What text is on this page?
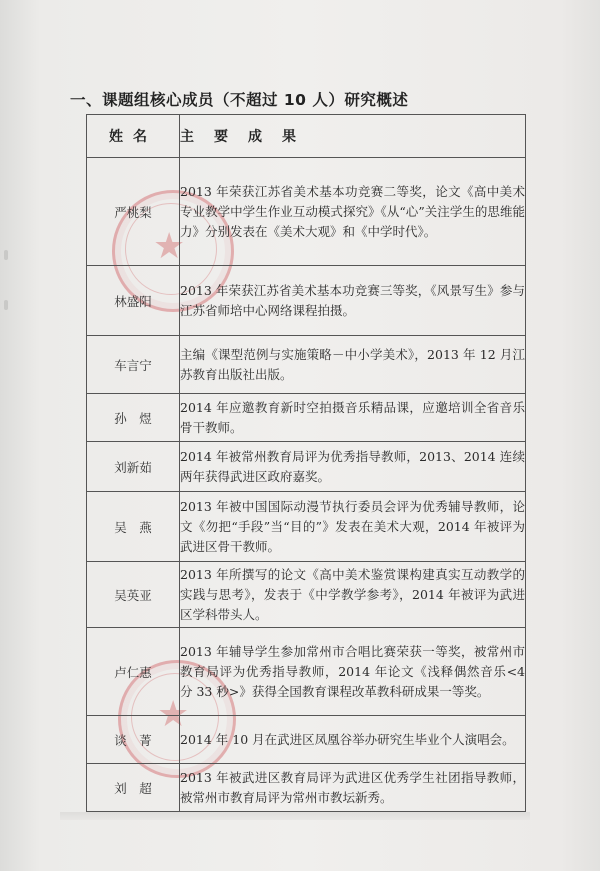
★
★
一、课题组核心成员（不超过 10 人）研究概述
姓名	主要成果
严桃梨	2013 年荣获江苏省美术基本功竞赛二等奖，论文《高中美术专业教学中学生作业互动模式探究》《从“心”关注学生的思维能力》分别发表在《美术大观》和《中学时代》。
林盛阳	2013 年荣获江苏省美术基本功竞赛三等奖，《风景写生》参与江苏省师培中心网络课程拍摄。
车言宁	主编《课型范例与实施策略－中小学美术》，2013 年 12 月江苏教育出版社出版。
孙　煜	2014 年应邀教育新时空拍摄音乐精品课，应邀培训全省音乐骨干教师。
刘新茹	2014 年被常州教育局评为优秀指导教师，2013、2014 连续两年获得武进区政府嘉奖。
吴　燕	2013 年被中国国际动漫节执行委员会评为优秀辅导教师，论文《勿把“手段”当“目的”》发表在美术大观，2014 年被评为武进区骨干教师。
吴英亚	2013 年所撰写的论文《高中美术鉴赏课构建真实互动教学的实践与思考》，发表于《中学教学参考》，2014 年被评为武进区学科带头人。
卢仁惠	2013 年辅导学生参加常州市合唱比赛荣获一等奖，被常州市教育局评为优秀指导教师，2014 年论文《浅释偶然音乐<4 分 33 秒>》获得全国教育课程改革教科研成果一等奖。
谈　菁	2014 年 10 月在武进区凤凰谷举办研究生毕业个人演唱会。
刘　超	2013 年被武进区教育局评为武进区优秀学生社团指导教师，被常州市教育局评为常州市教坛新秀。
